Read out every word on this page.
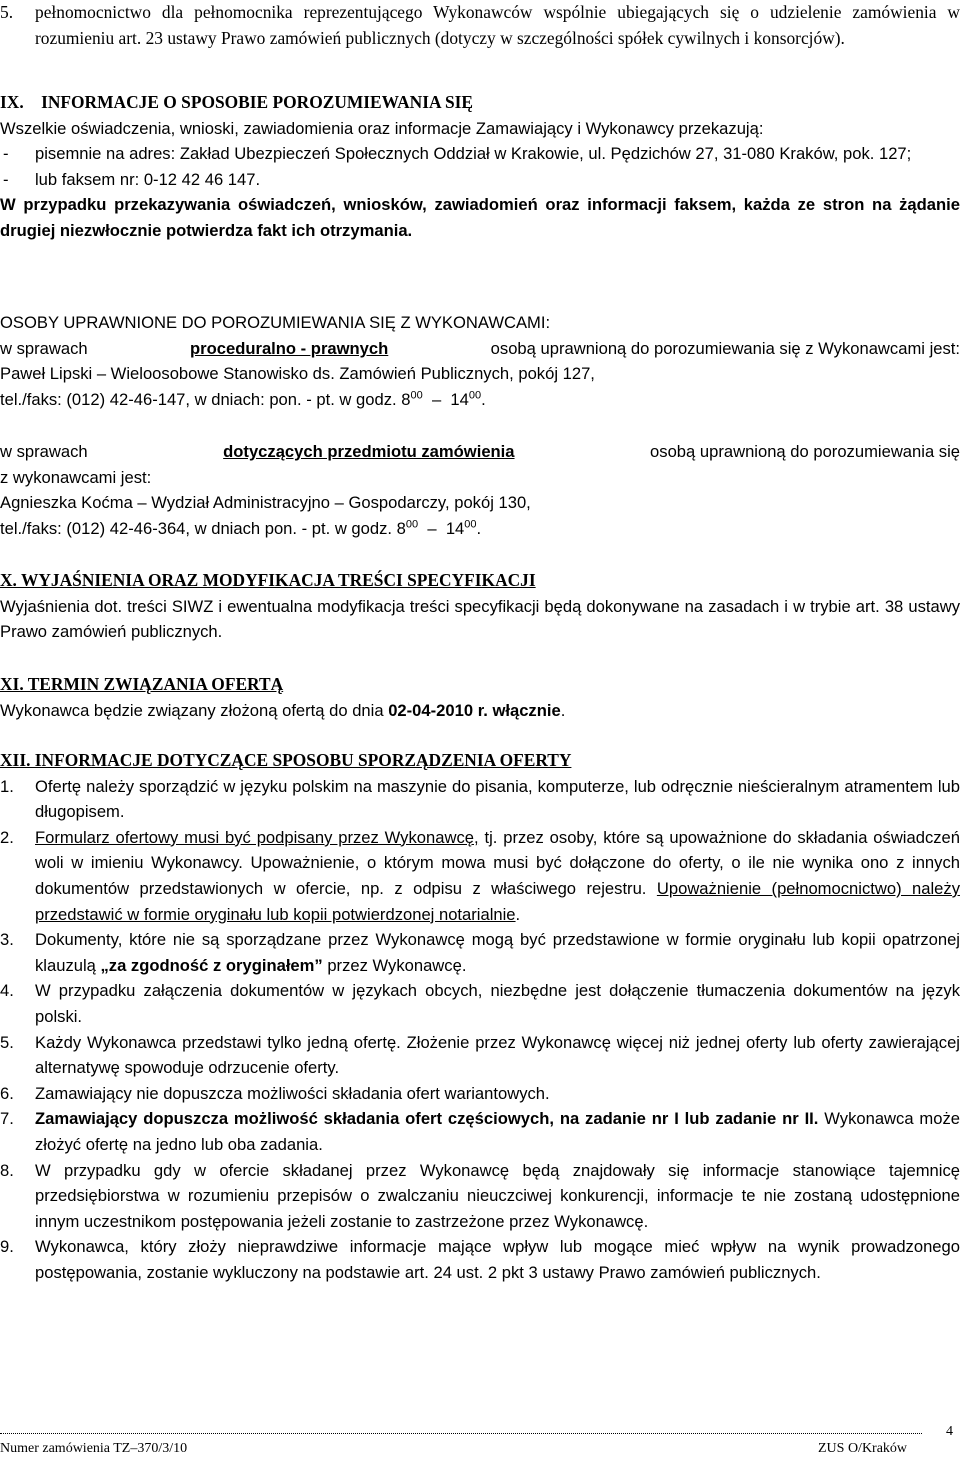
5. pełnomocnictwo dla pełnomocnika reprezentującego Wykonawców wspólnie ubiegających się o udzielenie zamówienia w rozumieniu art. 23 ustawy Prawo zamówień publicznych (dotyczy w szczególności spółek cywilnych i konsorcjów).
IX.    INFORMACJE O SPOSOBIE POROZUMIEWANIA SIĘ
Wszelkie oświadczenia, wnioski, zawiadomienia oraz informacje Zamawiający i Wykonawcy przekazują:
- pisemnie na adres: Zakład Ubezpieczeń Społecznych Oddział w Krakowie, ul. Pędzichów 27, 31-080 Kraków, pok. 127;
- lub faksem nr: 0-12 42 46 147.
W przypadku przekazywania oświadczeń, wniosków, zawiadomień oraz informacji faksem, każda ze stron na żądanie drugiej niezwłocznie potwierdza fakt ich otrzymania.
OSOBY UPRAWNIONE DO POROZUMIEWANIA SIĘ Z WYKONAWCAMI:
w sprawach	proceduralno - prawnych	osobą uprawnioną do porozumiewania się z Wykonawcami jest:
Paweł Lipski – Wieloosobowe Stanowisko ds. Zamówień Publicznych, pokój 127,
tel./faks: (012) 42-46-147, w dniach: pon. - pt. w godz. $8^{00} - 14^{00}$.
w sprawach	dotyczących przedmiotu zamówienia	osobą uprawnioną do porozumiewania się
z wykonawcami jest:
Agnieszka Koćma – Wydział Administracyjno – Gospodarczy, pokój 130,
tel./faks: (012) 42-46-364, w dniach pon. - pt. w godz. $8^{00} - 14^{00}$.
X. WYJAŚNIENIA ORAZ MODYFIKACJA TREŚCI SPECYFIKACJI
Wyjaśnienia dot. treści SIWZ i ewentualna modyfikacja treści specyfikacji będą dokonywane na zasadach i w trybie art. 38 ustawy Prawo zamówień publicznych.
XI. TERMIN ZWIĄZANIA OFERTĄ
Wykonawca będzie związany złożoną ofertą do dnia 02-04-2010 r. włącznie.
XII. INFORMACJE DOTYCZĄCE SPOSOBU SPORZĄDZENIA OFERTY
1. Ofertę należy sporządzić w języku polskim na maszynie do pisania, komputerze, lub odręcznie nieścieralnym atramentem lub długopisem.
2. Formularz ofertowy musi być podpisany przez Wykonawcę, tj. przez osoby, które są upoważnione do składania oświadczeń woli w imieniu Wykonawcy. Upoważnienie, o którym mowa musi być dołączone do oferty, o ile nie wynika ono z innych dokumentów przedstawionych w ofercie, np. z odpisu z właściwego rejestru. Upoważnienie (pełnomocnictwo) należy przedstawić w formie oryginału lub kopii potwierdzonej notarialnie.
3. Dokumenty, które nie są sporządzane przez Wykonawcę mogą być przedstawione w formie oryginału lub kopii opatrzonej klauzulą „za zgodność z oryginałem” przez Wykonawcę.
4. W przypadku załączenia dokumentów w językach obcych, niezbędne jest dołączenie tłumaczenia dokumentów na język polski.
5. Każdy Wykonawca przedstawi tylko jedną ofertę. Złożenie przez Wykonawcę więcej niż jednej oferty lub oferty zawierającej alternatywę spowoduje odrzucenie oferty.
6. Zamawiający nie dopuszcza możliwości składania ofert wariantowych.
7. Zamawiający dopuszcza możliwość składania ofert częściowych, na zadanie nr I lub zadanie nr II. Wykonawca może złożyć ofertę na jedno lub oba zadania.
8. W przypadku gdy w ofercie składanej przez Wykonawcę będą znajdowały się informacje stanowiące tajemnicę przedsiębiorstwa w rozumieniu przepisów o zwalczaniu nieuczciwej konkurencji, informacje te nie zostaną udostępnione innym uczestnikom postępowania jeżeli zostanie to zastrzeżone przez Wykonawcę.
9. Wykonawca, który złoży nieprawdziwe informacje mające wpływ lub mogące mieć wpływ na wynik prowadzonego postępowania, zostanie wykluczony na podstawie art. 24 ust. 2 pkt 3 ustawy Prawo zamówień publicznych.
4
Numer zamówienia TZ–370/3/10	ZUS O/Kraków
